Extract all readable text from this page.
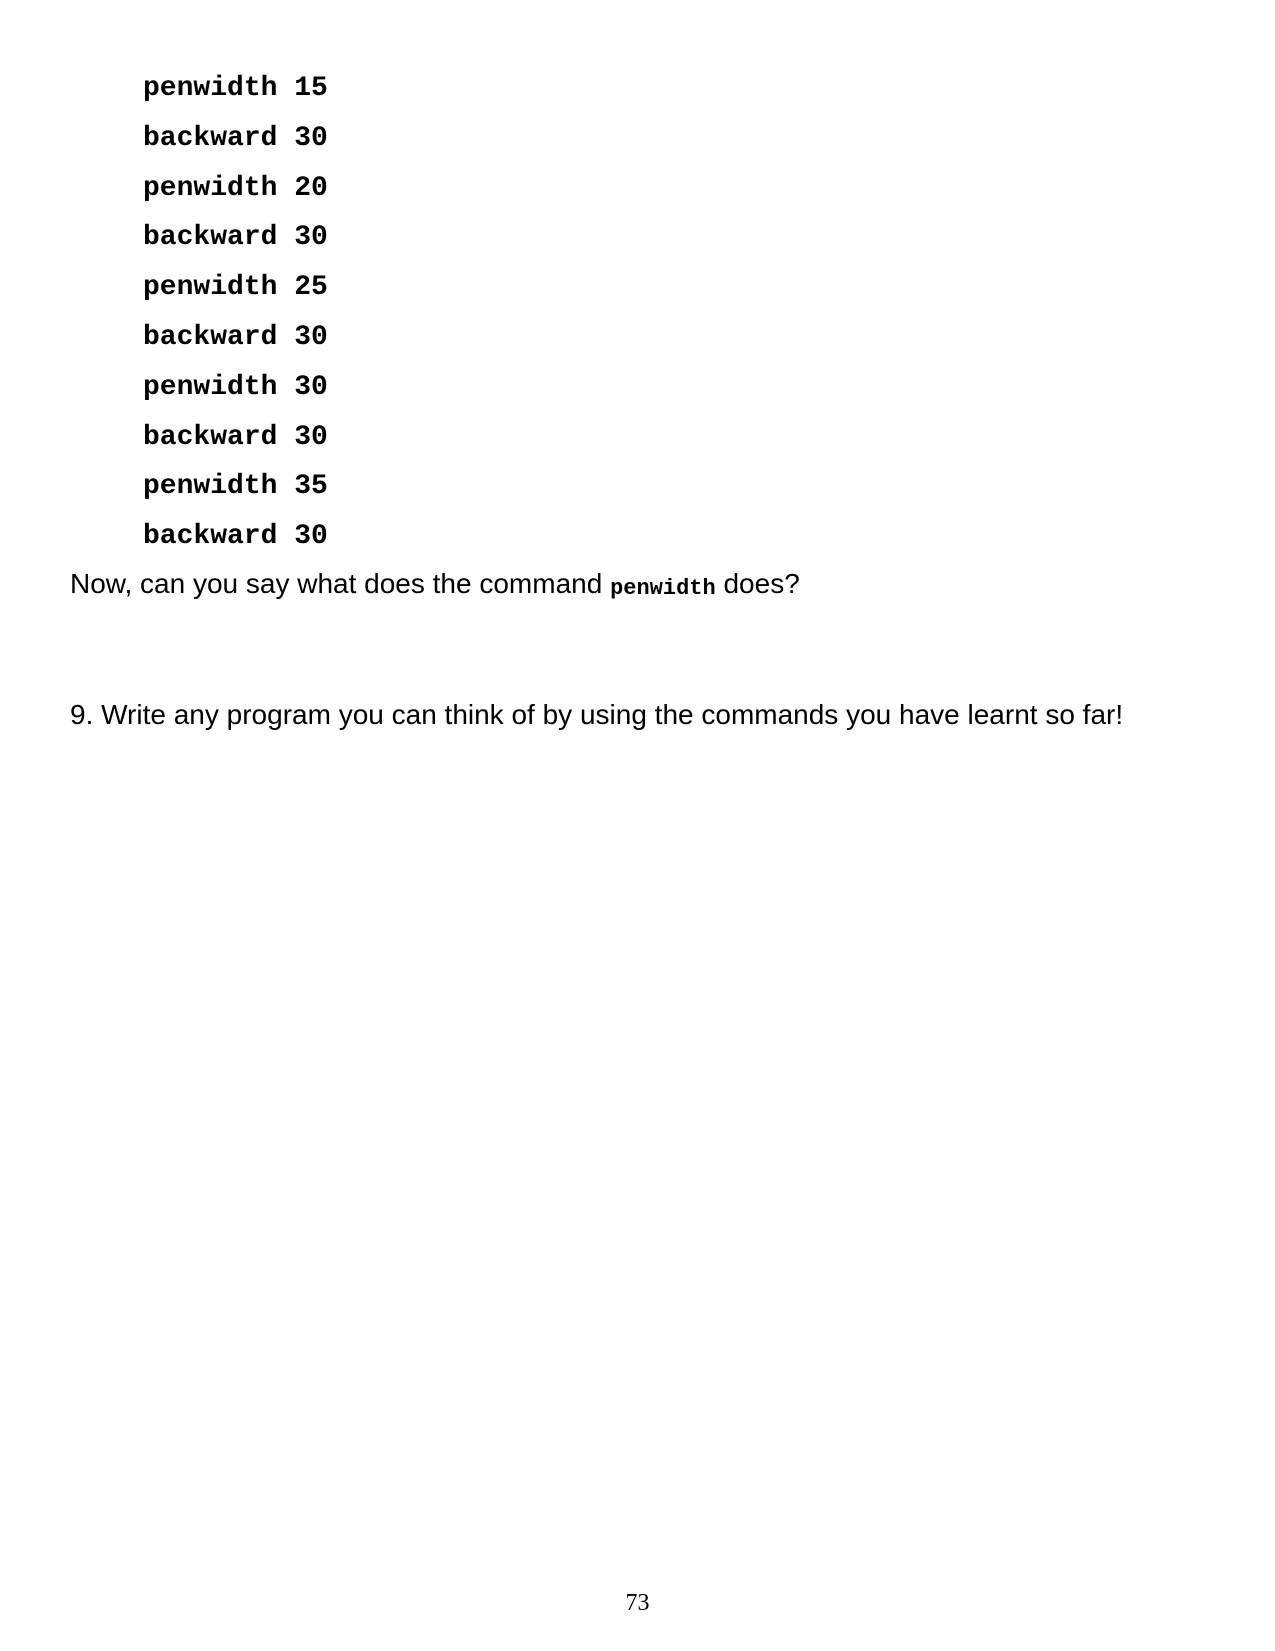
penwidth 15
backward 30
penwidth 20
backward 30
penwidth 25
backward 30
penwidth 30
backward 30
penwidth 35
backward 30
Now, can you say what does the command penwidth does?
9. Write any program you can think of by using the commands you have learnt so far!
73
